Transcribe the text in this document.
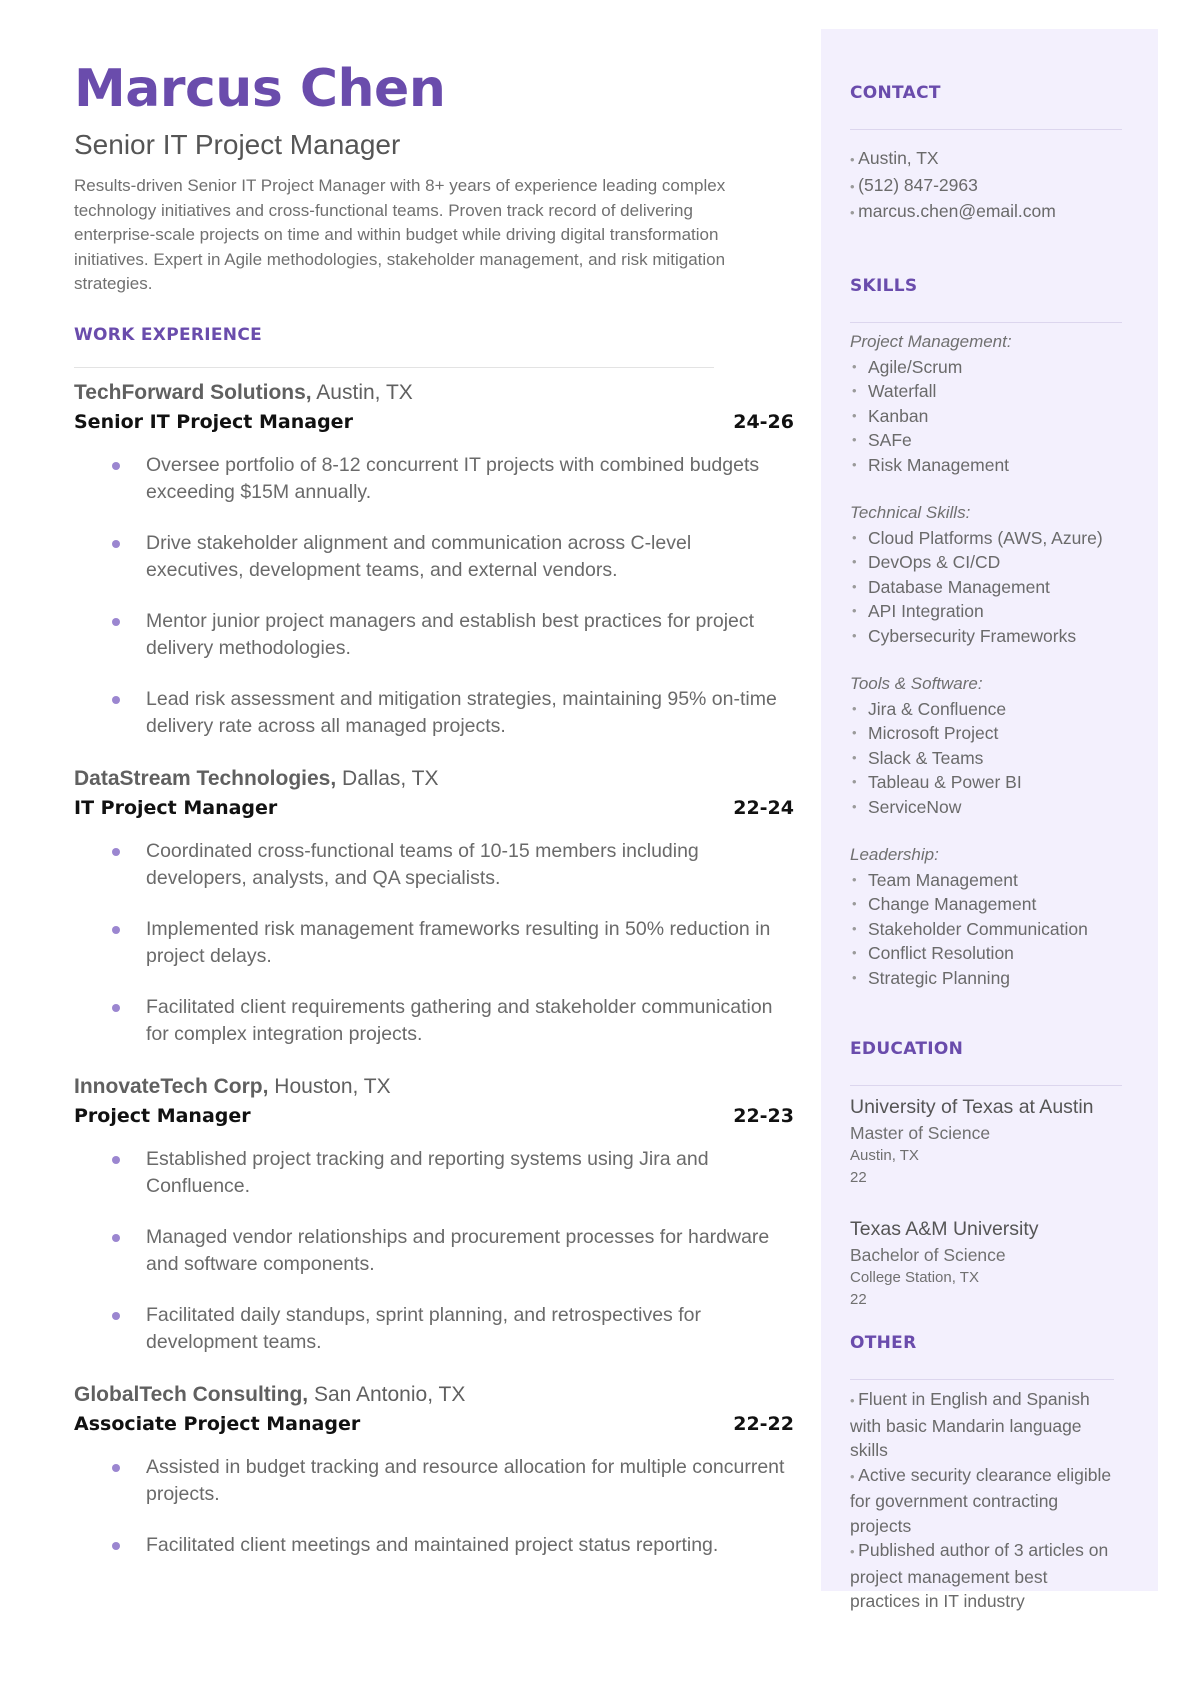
Marcus Chen
Senior IT Project Manager
Results-driven Senior IT Project Manager with 8+ years of experience leading complex technology initiatives and cross-functional teams. Proven track record of delivering enterprise-scale projects on time and within budget while driving digital transformation initiatives. Expert in Agile methodologies, stakeholder management, and risk mitigation strategies.
WORK EXPERIENCE
TechForward Solutions, Austin, TX
Senior IT Project Manager	24-26
Oversee portfolio of 8-12 concurrent IT projects with combined budgets exceeding $15M annually.
Drive stakeholder alignment and communication across C-level executives, development teams, and external vendors.
Mentor junior project managers and establish best practices for project delivery methodologies.
Lead risk assessment and mitigation strategies, maintaining 95% on-time delivery rate across all managed projects.
DataStream Technologies, Dallas, TX
IT Project Manager	22-24
Coordinated cross-functional teams of 10-15 members including developers, analysts, and QA specialists.
Implemented risk management frameworks resulting in 50% reduction in project delays.
Facilitated client requirements gathering and stakeholder communication for complex integration projects.
InnovateTech Corp, Houston, TX
Project Manager	22-23
Established project tracking and reporting systems using Jira and Confluence.
Managed vendor relationships and procurement processes for hardware and software components.
Facilitated daily standups, sprint planning, and retrospectives for development teams.
GlobalTech Consulting, San Antonio, TX
Associate Project Manager	22-22
Assisted in budget tracking and resource allocation for multiple concurrent projects.
Facilitated client meetings and maintained project status reporting.
CONTACT
• Austin, TX
• (512) 847-2963
• marcus.chen@email.com
SKILLS
Project Management:
• Agile/Scrum
• Waterfall
• Kanban
• SAFe
• Risk Management
Technical Skills:
• Cloud Platforms (AWS, Azure)
• DevOps & CI/CD
• Database Management
• API Integration
• Cybersecurity Frameworks
Tools & Software:
• Jira & Confluence
• Microsoft Project
• Slack & Teams
• Tableau & Power BI
• ServiceNow
Leadership:
• Team Management
• Change Management
• Stakeholder Communication
• Conflict Resolution
• Strategic Planning
EDUCATION
University of Texas at Austin
Master of Science
Austin, TX
22
Texas A&M University
Bachelor of Science
College Station, TX
22
OTHER
• Fluent in English and Spanish with basic Mandarin language skills
• Active security clearance eligible for government contracting projects
• Published author of 3 articles on project management best practices in IT industry
